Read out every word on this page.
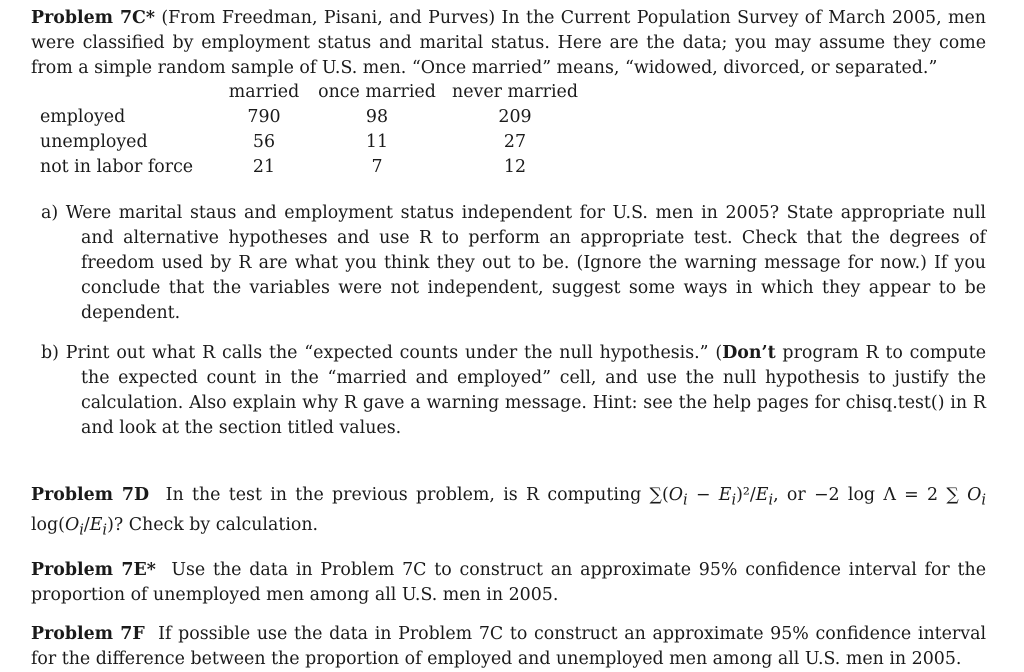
Problem 7C* (From Freedman, Pisani, and Purves) In the Current Population Survey of March 2005, men were classified by employment status and marital status. Here are the data; you may assume they come from a simple random sample of U.S. men. “Once married” means, “widowed, divorced, or separated.”

	married	once married	never married
employed	790	98	209
unemployed	56	11	27
not in labor force	21	7	12

a) Were marital staus and employment status independent for U.S. men in 2005? State appropriate null and alternative hypotheses and use R to perform an appropriate test. Check that the degrees of freedom used by R are what you think they out to be. (Ignore the warning message for now.) If you conclude that the variables were not independent, suggest some ways in which they appear to be dependent.

b) Print out what R calls the “expected counts under the null hypothesis.” (Don’t program R to compute the expected count in the “married and employed” cell, and use the null hypothesis to justify the calculation. Also explain why R gave a warning message. Hint: see the help pages for chisq.test() in R and look at the section titled values.

Problem 7D In the test in the previous problem, is R computing $\sum(O_i - E_i)^2/E_i$, or −2 log Λ = 2 ∑ $O_i$ $\log(O_i/E_i)$? Check by calculation.

Problem 7E* Use the data in Problem 7C to construct an approximate 95% confidence interval for the proportion of unemployed men among all U.S. men in 2005.

Problem 7F If possible use the data in Problem 7C to construct an approximate 95% confidence interval for the difference between the proportion of employed and unemployed men among all U.S. men in 2005.
